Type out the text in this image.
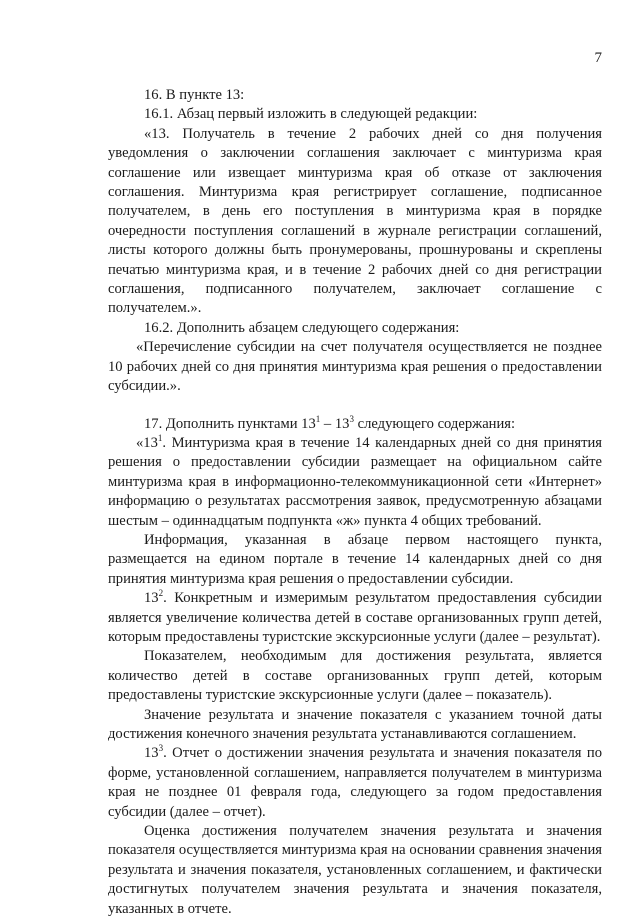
7

16. В пункте 13:

16.1. Абзац первый изложить в следующей редакции:

«13. Получатель в течение 2 рабочих дней со дня получения уведомления о заключении соглашения заключает с минтуризма края соглашение или извещает минтуризма края об отказе от заключения соглашения. Минтуризма края регистрирует соглашение, подписанное получателем, в день его поступления в минтуризма края в порядке очередности поступления соглашений в журнале регистрации соглашений, листы которого должны быть пронумерованы, прошнурованы и скреплены печатью минтуризма края, и в течение 2 рабочих дней со дня регистрации соглашения, подписанного получателем, заключает соглашение с получателем.».

16.2. Дополнить абзацем следующего содержания:

«Перечисление субсидии на счет получателя осуществляется не позднее 10 рабочих дней со дня принятия минтуризма края решения о предоставлении субсидии.».

17. Дополнить пунктами $13^1 - 13^3$ следующего содержания:

«$13^1$. Минтуризма края в течение 14 календарных дней со дня принятия решения о предоставлении субсидии размещает на официальном сайте минтуризма края в информационно-телекоммуникационной сети «Интернет» информацию о результатах рассмотрения заявок, предусмотренную абзацами шестым – одиннадцатым подпункта «ж» пункта 4 общих требований.

Информация, указанная в абзаце первом настоящего пункта, размещается на едином портале в течение 14 календарных дней со дня принятия минтуризма края решения о предоставлении субсидии.

$13^2$. Конкретным и измеримым результатом предоставления субсидии является увеличение количества детей в составе организованных групп детей, которым предоставлены туристские экскурсионные услуги (далее – результат).

Показателем, необходимым для достижения результата, является количество детей в составе организованных групп детей, которым предоставлены туристские экскурсионные услуги (далее – показатель).

Значение результата и значение показателя с указанием точной даты достижения конечного значения результата устанавливаются соглашением.

$13^3$. Отчет о достижении значения результата и значения показателя по форме, установленной соглашением, направляется получателем в минтуризма края не позднее 01 февраля года, следующего за годом предоставления субсидии (далее – отчет).

Оценка достижения получателем значения результата и значения показателя осуществляется минтуризма края на основании сравнения значения результата и значения показателя, установленных соглашением, и фактически достигнутых получателем значения результата и значения показателя, указанных в отчете.
